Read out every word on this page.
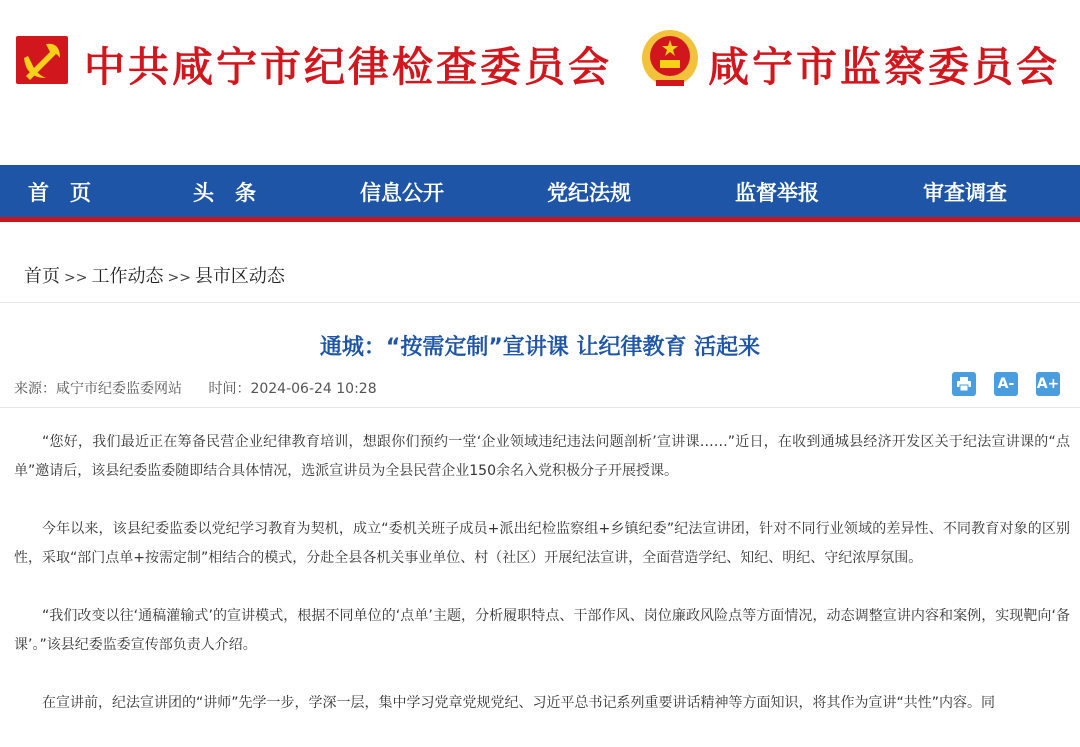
中共咸宁市纪律检查委员会 咸宁市监察委员会
首　页	头　条	信息公开	党纪法规	监督举报	审查调查
首页 >> 工作动态 >> 县市区动态
通城：“按需定制”宣讲课 让纪律教育 活起来
来源：咸宁市纪委监委网站 时间：2024-06-24 10:28	A- A+

“您好，我们最近正在筹备民营企业纪律教育培训，想跟你们预约一堂‘企业领域违纪违法问题剖析’宣讲课……”近日，在收到通城县经济开发区关于纪法宣讲课的“点单”邀请后，该县纪委监委随即结合具体情况，选派宣讲员为全县民营企业150余名入党积极分子开展授课。

今年以来，该县纪委监委以党纪学习教育为契机，成立“委机关班子成员+派出纪检监察组+乡镇纪委”纪法宣讲团，针对不同行业领域的差异性、不同教育对象的区别性，采取“部门点单+按需定制”相结合的模式，分赴全县各机关事业单位、村（社区）开展纪法宣讲，全面营造学纪、知纪、明纪、守纪浓厚氛围。

“我们改变以往‘通稿灌输式’的宣讲模式，根据不同单位的‘点单’主题，分析履职特点、干部作风、岗位廉政风险点等方面情况，动态调整宣讲内容和案例，实现靶向‘备课’。”该县纪委监委宣传部负责人介绍。

在宣讲前，纪法宣讲团的“讲师”先学一步，学深一层，集中学习党章党规党纪、习近平总书记系列重要讲话精神等方面知识，将其作为宣讲“共性”内容。同
